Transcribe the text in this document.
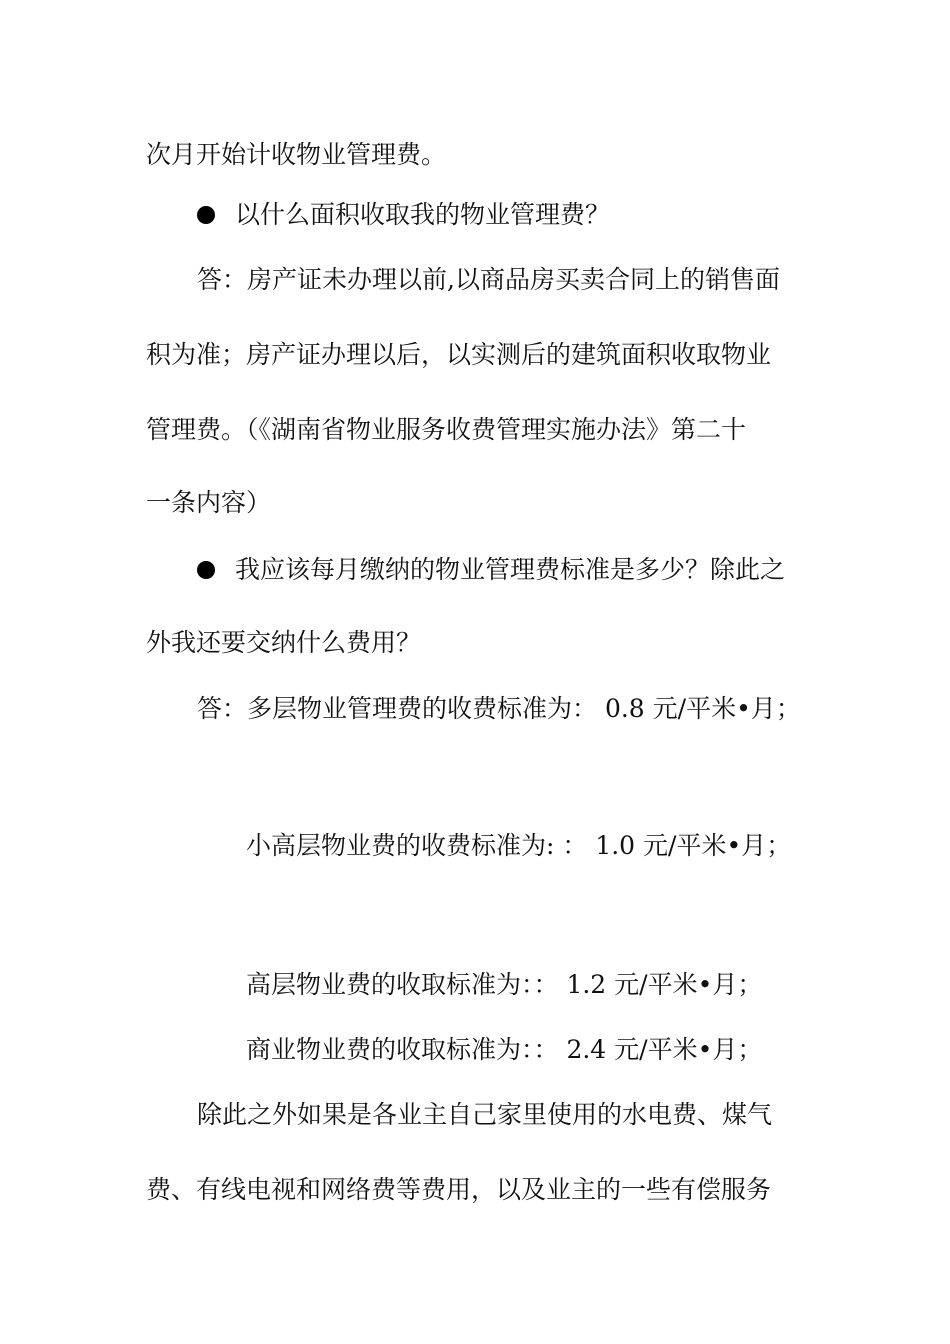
次月开始计收物业管理费。
以什么面积收取我的物业管理费？
答：房产证未办理以前,以商品房买卖合同上的销售面
积为准；房产证办理以后，以实测后的建筑面积收取物业
管理费。（《湖南省物业服务收费管理实施办法》第二十
一条内容）
我应该每月缴纳的物业管理费标准是多少？除此之
外我还要交纳什么费用？
答：多层物业管理费的收费标准为： 0.8 元/平米•月；
小高层物业费的收费标准为: ： 1.0 元/平米•月；
高层物业费的收取标准为：： 1.2 元/平米•月；
商业物业费的收取标准为：： 2.4 元/平米•月；
除此之外如果是各业主自己家里使用的水电费、煤气
费、有线电视和网络费等费用，以及业主的一些有偿服务
